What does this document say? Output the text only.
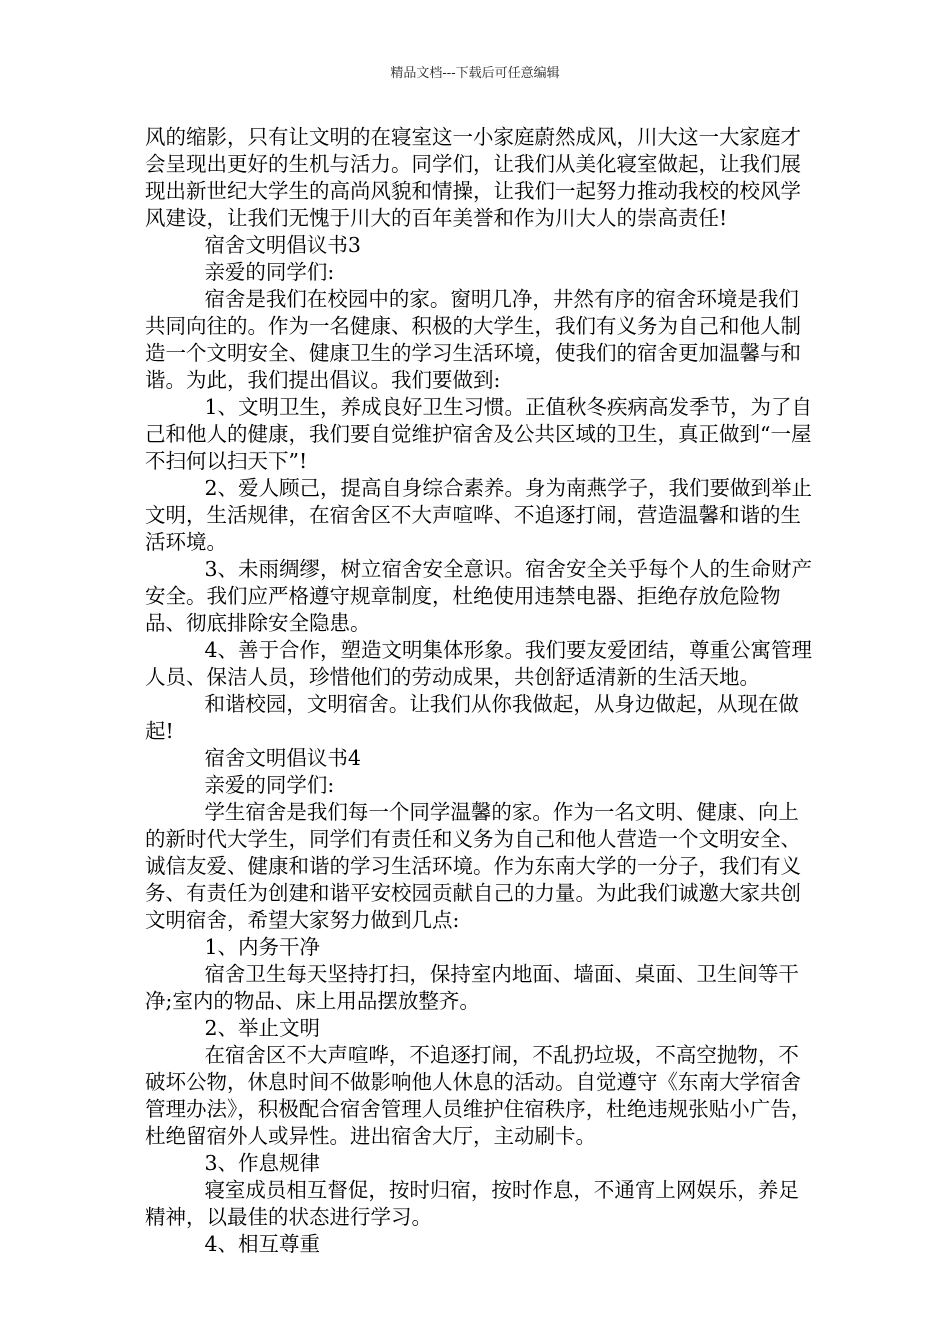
精品文档---下载后可任意编辑

风的缩影，只有让文明的在寝室这一小家庭蔚然成风，川大这一大家庭才会呈现出更好的生机与活力。同学们，让我们从美化寝室做起，让我们展现出新世纪大学生的高尚风貌和情操，让我们一起努力推动我校的校风学风建设，让我们无愧于川大的百年美誉和作为川大人的崇高责任!

宿舍文明倡议书3

亲爱的同学们:

宿舍是我们在校园中的家。窗明几净，井然有序的宿舍环境是我们共同向往的。作为一名健康、积极的大学生，我们有义务为自己和他人制造一个文明安全、健康卫生的学习生活环境，使我们的宿舍更加温馨与和谐。为此，我们提出倡议。我们要做到:

1、文明卫生，养成良好卫生习惯。正值秋冬疾病高发季节，为了自己和他人的健康，我们要自觉维护宿舍及公共区域的卫生，真正做到“一屋不扫何以扫天下”!

2、爱人顾己，提高自身综合素养。身为南燕学子，我们要做到举止文明，生活规律，在宿舍区不大声喧哗、不追逐打闹，营造温馨和谐的生活环境。

3、未雨绸缪，树立宿舍安全意识。宿舍安全关乎每个人的生命财产安全。我们应严格遵守规章制度，杜绝使用违禁电器、拒绝存放危险物品、彻底排除安全隐患。

4、善于合作，塑造文明集体形象。我们要友爱团结，尊重公寓管理人员、保洁人员，珍惜他们的劳动成果，共创舒适清新的生活天地。

和谐校园，文明宿舍。让我们从你我做起，从身边做起，从现在做起!

宿舍文明倡议书4

亲爱的同学们:

学生宿舍是我们每一个同学温馨的家。作为一名文明、健康、向上的新时代大学生，同学们有责任和义务为自己和他人营造一个文明安全、诚信友爱、健康和谐的学习生活环境。作为东南大学的一分子，我们有义务、有责任为创建和谐平安校园贡献自己的力量。为此我们诚邀大家共创文明宿舍，希望大家努力做到几点:

1、内务干净

宿舍卫生每天坚持打扫，保持室内地面、墙面、桌面、卫生间等干净;室内的物品、床上用品摆放整齐。

2、举止文明

在宿舍区不大声喧哗，不追逐打闹，不乱扔垃圾，不高空抛物，不破坏公物，休息时间不做影响他人休息的活动。自觉遵守《东南大学宿舍管理办法》，积极配合宿舍管理人员维护住宿秩序，杜绝违规张贴小广告，杜绝留宿外人或异性。进出宿舍大厅，主动刷卡。

3、作息规律

寝室成员相互督促，按时归宿，按时作息，不通宵上网娱乐，养足精神，以最佳的状态进行学习。

4、相互尊重
